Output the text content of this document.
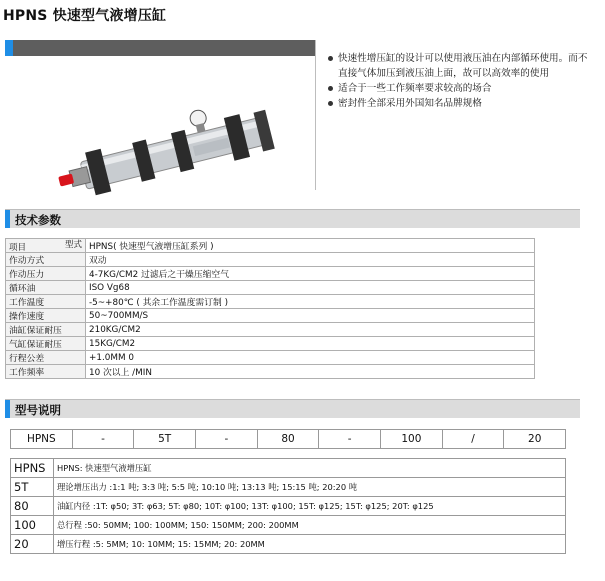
HPNS 快速型气液增压缸
快速性增压缸的设计可以使用液压油在内部循环使用。而不直接气体加压到液压油上面，故可以高效率的使用
适合于一些工作频率要求较高的场合
密封件全部采用外国知名品牌规格
技术参数
型式
项目	HPNS( 快速型气液增压缸系列 )
作动方式	双动
作动压力	4-7KG/CM2 过滤后之干燥压缩空气
循环油	ISO Vg68
工作温度	-5~+80℃ ( 其余工作温度需订制 )
操作速度	50~700MM/S
油缸保证耐压	210KG/CM2
气缸保证耐压	15KG/CM2
行程公差	+1.0MM 0
工作频率	10 次以上 /MIN
型号说明
HPNS	-	5T	-	80	-	100	/	20
HPNS	HPNS: 快速型气液增压缸
5T	理论增压出力 :1:1 吨; 3:3 吨; 5:5 吨; 10:10 吨; 13:13 吨; 15:15 吨; 20:20 吨
80	油缸内径 :1T: φ50; 3T: φ63; 5T: φ80; 10T: φ100; 13T: φ100; 15T: φ125; 15T: φ125; 20T: φ125
100	总行程 :50: 50MM; 100: 100MM; 150: 150MM; 200: 200MM
20	增压行程 :5: 5MM; 10: 10MM; 15: 15MM; 20: 20MM
